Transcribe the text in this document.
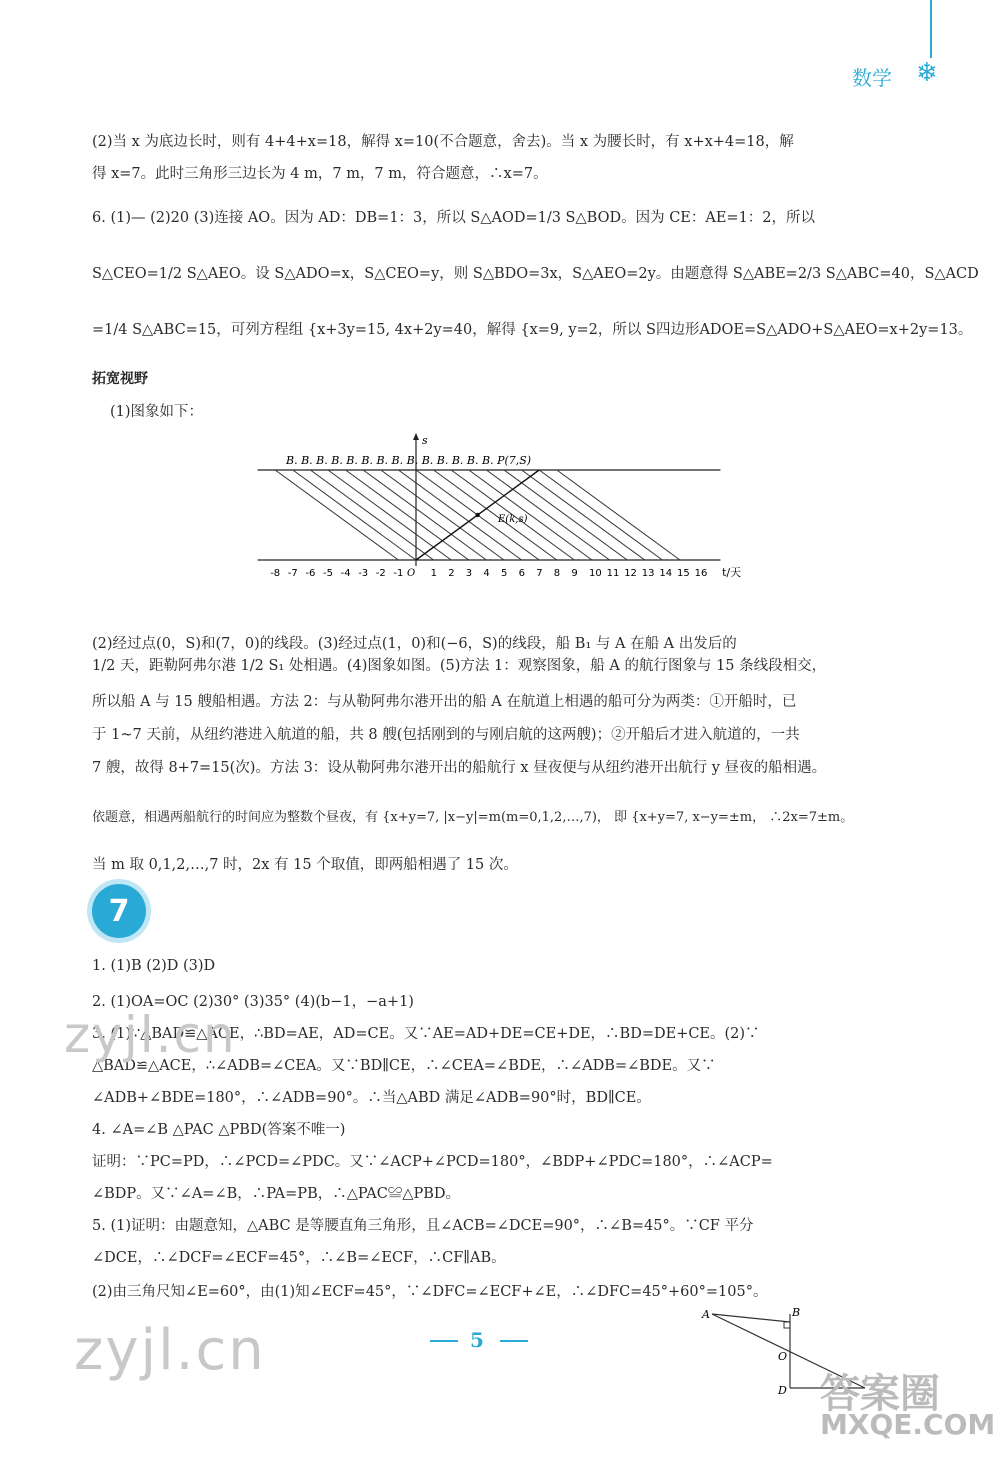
数学 ❄
(2)当 x 为底边长时，则有 4+4+x=18，解得 x=10(不合题意，舍去)。当 x 为腰长时，有 x+x+4=18，解
得 x=7。此时三角形三边长为 4 m，7 m，7 m，符合题意，∴x=7。
6. (1)— (2)20 (3)连接 AO。因为 AD：DB=1：3，所以 S△AOD=1/3 S△BOD。因为 CE：AE=1：2，所以
S△CEO=1/2 S△AEO。设 S△ADO=x，S△CEO=y，则 S△BDO=3x，S△AEO=2y。由题意得 S△ABE=2/3 S△ABC=40，S△ACD
=1/4 S△ABC=15，可列方程组 {x+3y=15, 4x+2y=40，解得 {x=9, y=2，所以 S四边形ADOE=S△ADO+S△AEO=x+2y=13。
拓宽视野
(1)图象如下：
s
t/天
B. B. B. B. B. B. B. B. B. B. B. B. B. B. P(7,S)
E(k,s)
O
-8 -7 -6 -5 -4 -3 -2 -1	1 2 3 4 5 6 7 8 9 10 11 12 13 14 15 16
(2)经过点(0，S)和(7，0)的线段。(3)经过点(1，0)和(−6，S)的线段，船 B₁ 与 A 在船 A 出发后的
1/2 天，距勒阿弗尔港 1/2 S₁ 处相遇。(4)图象如图。(5)方法 1：观察图象，船 A 的航行图象与 15 条线段相交，
所以船 A 与 15 艘船相遇。方法 2：与从勒阿弗尔港开出的船 A 在航道上相遇的船可分为两类：①开船时，已
于 1~7 天前，从纽约港进入航道的船，共 8 艘(包括刚到的与刚启航的这两艘)；②开船后才进入航道的，一共
7 艘，故得 8+7=15(次)。方法 3：设从勒阿弗尔港开出的船航行 x 昼夜便与从纽约港开出航行 y 昼夜的船相遇。
依题意，相遇两船航行的时间应为整数个昼夜，有 {x+y=7, |x−y|=m(m=0,1,2,…,7)， 即 {x+y=7, x−y=±m， ∴2x=7±m。
当 m 取 0,1,2,…,7 时，2x 有 15 个取值，即两船相遇了 15 次。
7
1. (1)B (2)D (3)D
2. (1)OA=OC (2)30° (3)35° (4)(b−1，−a+1)
3. (1)∵△BAD≌△ACE，∴BD=AE，AD=CE。又∵AE=AD+DE=CE+DE，∴BD=DE+CE。(2)∵
△BAD≌△ACE，∴∠ADB=∠CEA。又∵BD∥CE，∴∠CEA=∠BDE，∴∠ADB=∠BDE。又∵
∠ADB+∠BDE=180°，∴∠ADB=90°。∴当△ABD 满足∠ADB=90°时，BD∥CE。
4. ∠A=∠B △PAC △PBD(答案不唯一)
证明：∵PC=PD，∴∠PCD=∠PDC。又∵∠ACP+∠PCD=180°，∠BDP+∠PDC=180°，∴∠ACP=
∠BDP。又∵∠A=∠B，∴PA=PB，∴△PAC≌△PBD。
5. (1)证明：由题意知，△ABC 是等腰直角三角形，且∠ACB=∠DCE=90°，∴∠B=45°。∵CF 平分
∠DCE，∴∠DCF=∠ECF=45°，∴∠B=∠ECF，∴CF∥AB。
(2)由三角尺知∠E=60°，由(1)知∠ECF=45°，∵∠DFC=∠ECF+∠E，∴∠DFC=45°+60°=105°。
A	B
O
D
5
zyjl.cn
zyjl.cn
答案圈
MXQE.COM
